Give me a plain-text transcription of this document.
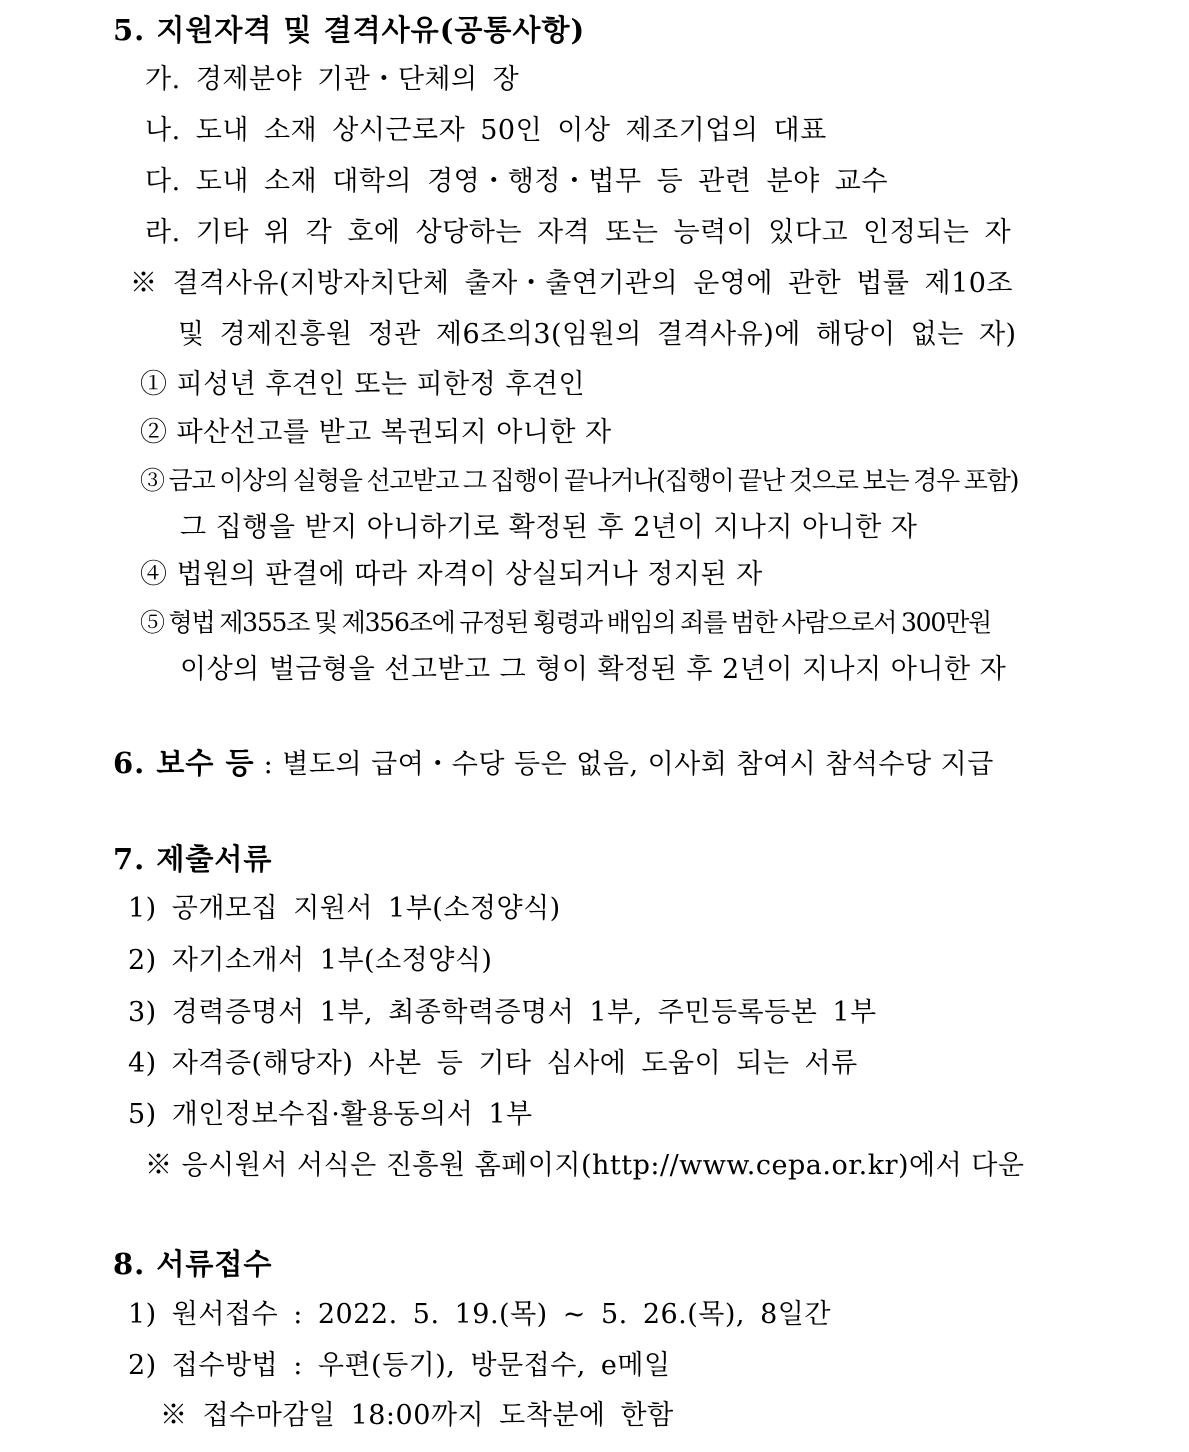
5. 지원자격 및 결격사유(공통사항)
가. 경제분야 기관・단체의 장
나. 도내 소재 상시근로자 50인 이상 제조기업의 대표
다. 도내 소재 대학의 경영・행정・법무 등 관련 분야 교수
라. 기타 위 각 호에 상당하는 자격 또는 능력이 있다고 인정되는 자
※ 결격사유(지방자치단체 출자・출연기관의 운영에 관한 법률 제10조
및 경제진흥원 정관 제6조의3(임원의 결격사유)에 해당이 없는 자)
① 피성년 후견인 또는 피한정 후견인
② 파산선고를 받고 복권되지 아니한 자
③ 금고 이상의 실형을 선고받고 그 집행이 끝나거나(집행이 끝난 것으로 보는 경우 포함)
그 집행을 받지 아니하기로 확정된 후 2년이 지나지 아니한 자
④ 법원의 판결에 따라 자격이 상실되거나 정지된 자
⑤ 형법 제355조 및 제356조에 규정된 횡령과 배임의 죄를 범한 사람으로서 300만원
이상의 벌금형을 선고받고 그 형이 확정된 후 2년이 지나지 아니한 자
6. 보수 등 : 별도의 급여・수당 등은 없음, 이사회 참여시 참석수당 지급
7. 제출서류
1) 공개모집 지원서 1부(소정양식)
2) 자기소개서 1부(소정양식)
3) 경력증명서 1부, 최종학력증명서 1부, 주민등록등본 1부
4) 자격증(해당자) 사본 등 기타 심사에 도움이 되는 서류
5) 개인정보수집·활용동의서 1부
※ 응시원서 서식은 진흥원 홈페이지(http://www.cepa.or.kr)에서 다운
8. 서류접수
1) 원서접수 : 2022. 5. 19.(목) ~ 5. 26.(목), 8일간
2) 접수방법 : 우편(등기), 방문접수, e메일
※ 접수마감일 18:00까지 도착분에 한함
